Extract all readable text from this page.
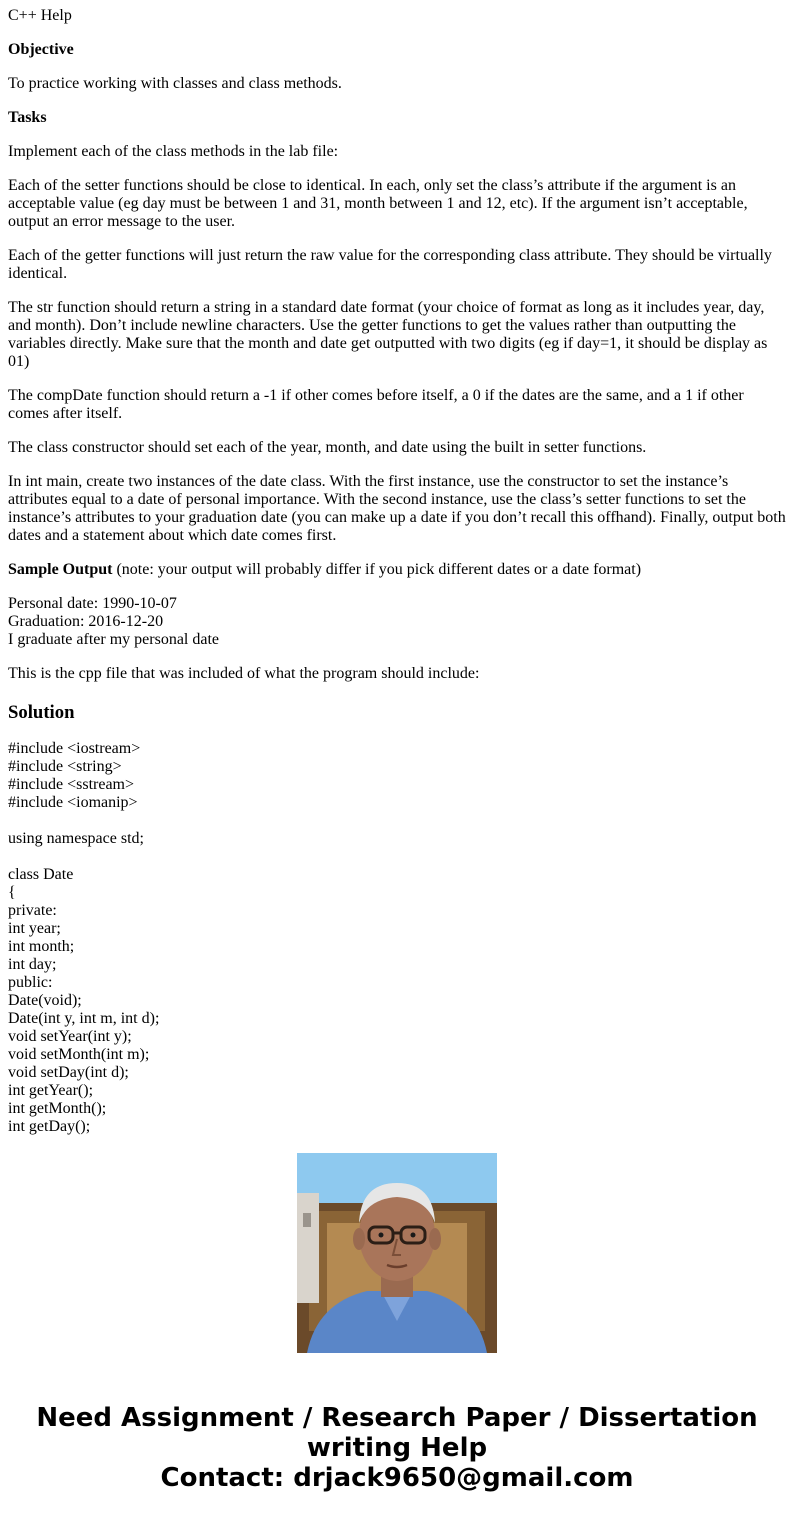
C++ Help

Objective

To practice working with classes and class methods.

Tasks

Implement each of the class methods in the lab file:

Each of the setter functions should be close to identical. In each, only set the class’s attribute if the argument is an acceptable value (eg day must be between 1 and 31, month between 1 and 12, etc). If the argument isn’t acceptable, output an error message to the user.

Each of the getter functions will just return the raw value for the corresponding class attribute. They should be virtually identical.

The str function should return a string in a standard date format (your choice of format as long as it includes year, day, and month). Don’t include newline characters. Use the getter functions to get the values rather than outputting the variables directly. Make sure that the month and date get outputted with two digits (eg if day=1, it should be display as 01)

The compDate function should return a -1 if other comes before itself, a 0 if the dates are the same, and a 1 if other comes after itself.

The class constructor should set each of the year, month, and date using the built in setter functions.

In int main, create two instances of the date class. With the first instance, use the constructor to set the instance’s attributes equal to a date of personal importance. With the second instance, use the class’s setter functions to set the instance’s attributes to your graduation date (you can make up a date if you don’t recall this offhand). Finally, output both dates and a statement about which date comes first.

Sample Output (note: your output will probably differ if you pick different dates or a date format)

Personal date: 1990-10-07
Graduation: 2016-12-20
I graduate after my personal date

This is the cpp file that was included of what the program should include:

Solution
#include <iostream>
#include <string>
#include <sstream>
#include <iomanip>
using namespace std;
class Date
{
private:
int year;
int month;
int day;
public:
Date(void);
Date(int y, int m, int d);
void setYear(int y);
void setMonth(int m);
void setDay(int d);
int getYear();
int getMonth();
int getDay();
Need Assignment / Research Paper / Dissertation
writing Help
Contact: drjack9650@gmail.com
